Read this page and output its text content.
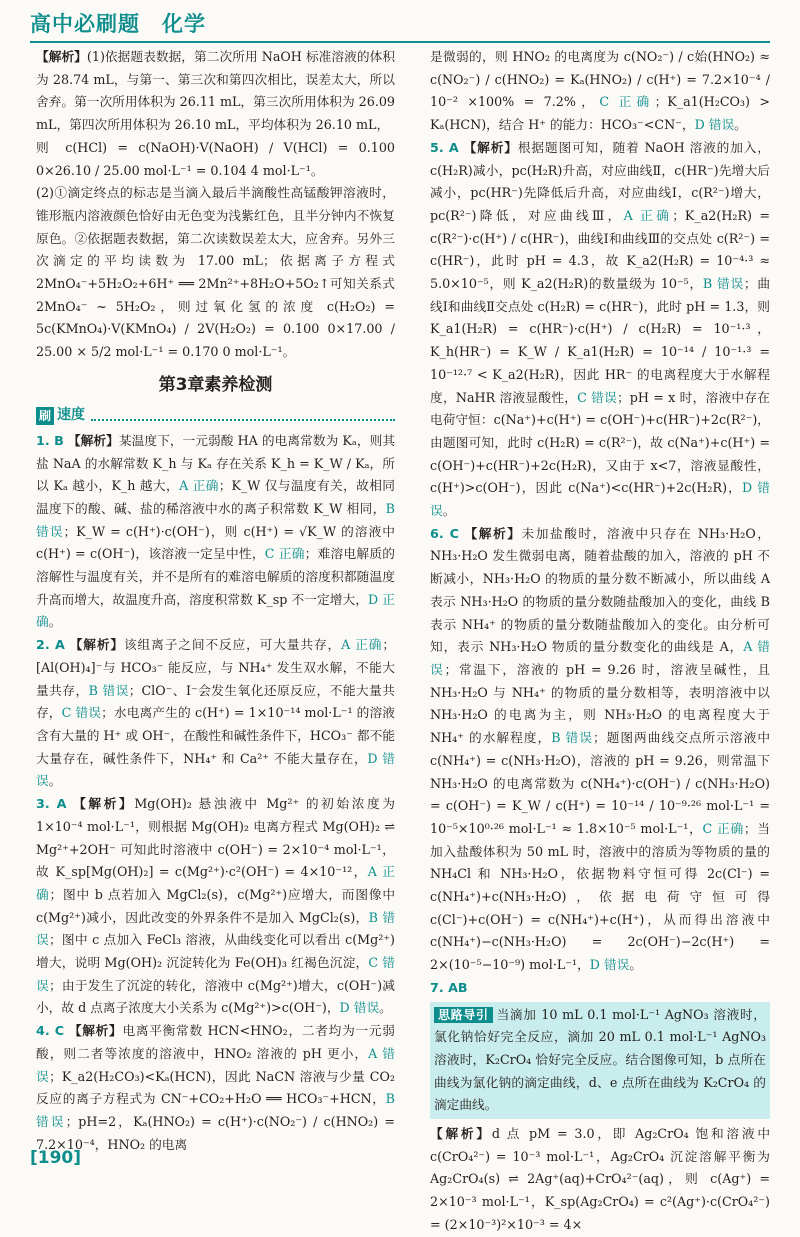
高中必刷题　化学

【解析】(1)依据题表数据，第二次所用 NaOH 标准溶液的体积为 28.74 mL，与第一、第三次和第四次相比，误差太大，所以舍弃。第一次所用体积为 26.11 mL，第三次所用体积为 26.09 mL，第四次所用体积为 26.10 mL，平均体积为 26.10 mL，

则 c(HCl) = c(NaOH)·V(NaOH) / V(HCl) = 0.100 0×26.10 / 25.00 mol·L⁻¹ = 0.104 4 mol·L⁻¹。

(2)①滴定终点的标志是当滴入最后半滴酸性高锰酸钾溶液时，锥形瓶内溶液颜色恰好由无色变为浅紫红色，且半分钟内不恢复原色。②依据题表数据，第二次读数误差太大，应舍弃。另外三次滴定的平均读数为 17.00 mL；依据离子方程式 2MnO₄⁻+5H₂O₂+6H⁺ ══ 2Mn²⁺+8H₂O+5O₂↑可知关系式 2MnO₄⁻ ~ 5H₂O₂，则过氧化氢的浓度 c(H₂O₂) = 5c(KMnO₄)·V(KMnO₄) / 2V(H₂O₂) = 0.100 0×17.00 / 25.00 × 5/2 mol·L⁻¹ = 0.170 0 mol·L⁻¹。

第3章素养检测
刷 速度

1. B 【解析】某温度下，一元弱酸 HA 的电离常数为 Kₐ，则其盐 NaA 的水解常数 K_h 与 Kₐ 存在关系 K_h = K_W / Kₐ，所以 Kₐ 越小，K_h 越大，A 正确；K_W 仅与温度有关，故相同温度下的酸、碱、盐的稀溶液中水的离子积常数 K_W 相同，B 错误；K_W = c(H⁺)·c(OH⁻)，则 c(H⁺) = √K_W 的溶液中 c(H⁺) = c(OH⁻)，该溶液一定呈中性，C 正确；难溶电解质的溶解性与温度有关，并不是所有的难溶电解质的溶度积都随温度升高而增大，故温度升高，溶度积常数 K_sp 不一定增大，D 正确。

2. A 【解析】该组离子之间不反应，可大量共存，A 正确；[Al(OH)₄]⁻与 HCO₃⁻ 能反应，与 NH₄⁺ 发生双水解，不能大量共存，B 错误；ClO⁻、I⁻会发生氧化还原反应，不能大量共存，C 错误；水电离产生的 c(H⁺) = 1×10⁻¹⁴ mol·L⁻¹ 的溶液含有大量的 H⁺ 或 OH⁻，在酸性和碱性条件下，HCO₃⁻ 都不能大量存在，碱性条件下，NH₄⁺ 和 Ca²⁺ 不能大量存在，D 错误。

3. A 【解析】Mg(OH)₂ 悬浊液中 Mg²⁺ 的初始浓度为 1×10⁻⁴ mol·L⁻¹，则根据 Mg(OH)₂ 电离方程式 Mg(OH)₂ ⇌ Mg²⁺+2OH⁻ 可知此时溶液中 c(OH⁻) = 2×10⁻⁴ mol·L⁻¹，故 K_sp[Mg(OH)₂] = c(Mg²⁺)·c²(OH⁻) = 4×10⁻¹²，A 正确；图中 b 点若加入 MgCl₂(s)，c(Mg²⁺)应增大，而图像中 c(Mg²⁺)减小，因此改变的外界条件不是加入 MgCl₂(s)，B 错误；图中 c 点加入 FeCl₃ 溶液，从曲线变化可以看出 c(Mg²⁺)增大，说明 Mg(OH)₂ 沉淀转化为 Fe(OH)₃ 红褐色沉淀，C 错误；由于发生了沉淀的转化，溶液中 c(Mg²⁺)增大，c(OH⁻)减小，故 d 点离子浓度大小关系为 c(Mg²⁺)>c(OH⁻)，D 错误。

4. C 【解析】电离平衡常数 HCN<HNO₂，二者均为一元弱酸，则二者等浓度的溶液中，HNO₂ 溶液的 pH 更小，A 错误；K_a2(H₂CO₃)<Kₐ(HCN)，因此 NaCN 溶液与少量 CO₂ 反应的离子方程式为 CN⁻+CO₂+H₂O ══ HCO₃⁻+HCN，B 错误；pH=2，Kₐ(HNO₂) = c(H⁺)·c(NO₂⁻) / c(HNO₂) = 7.2×10⁻⁴，HNO₂ 的电离

是微弱的，则 HNO₂ 的电离度为 c(NO₂⁻) / c始(HNO₂) ≈ c(NO₂⁻) / c(HNO₂) = Kₐ(HNO₂) / c(H⁺) = 7.2×10⁻⁴ / 10⁻² ×100% = 7.2%，C 正确；K_a1(H₂CO₃) > Kₐ(HCN)，结合 H⁺ 的能力：HCO₃⁻<CN⁻，D 错误。

5. A 【解析】根据题图可知，随着 NaOH 溶液的加入，c(H₂R)减小，pc(H₂R)升高，对应曲线Ⅱ，c(HR⁻)先增大后减小，pc(HR⁻)先降低后升高，对应曲线Ⅰ，c(R²⁻)增大，pc(R²⁻)降低，对应曲线Ⅲ，A 正确；K_a2(H₂R) = c(R²⁻)·c(H⁺) / c(HR⁻)，曲线Ⅰ和曲线Ⅲ的交点处 c(R²⁻) = c(HR⁻)，此时 pH = 4.3，故 K_a2(H₂R) = 10⁻⁴·³ ≈ 5.0×10⁻⁵，则 K_a2(H₂R)的数量级为 10⁻⁵，B 错误；曲线Ⅰ和曲线Ⅱ交点处 c(H₂R) = c(HR⁻)，此时 pH = 1.3，则 K_a1(H₂R) = c(HR⁻)·c(H⁺) / c(H₂R) = 10⁻¹·³，K_h(HR⁻) = K_W / K_a1(H₂R) = 10⁻¹⁴ / 10⁻¹·³ = 10⁻¹²·⁷ < K_a2(H₂R)，因此 HR⁻ 的电离程度大于水解程度，NaHR 溶液显酸性，C 错误；pH = x 时，溶液中存在电荷守恒：c(Na⁺)+c(H⁺) = c(OH⁻)+c(HR⁻)+2c(R²⁻)，由题图可知，此时 c(H₂R) = c(R²⁻)，故 c(Na⁺)+c(H⁺) = c(OH⁻)+c(HR⁻)+2c(H₂R)，又由于 x<7，溶液显酸性，c(H⁺)>c(OH⁻)，因此 c(Na⁺)<c(HR⁻)+2c(H₂R)，D 错误。

6. C 【解析】未加盐酸时，溶液中只存在 NH₃·H₂O，NH₃·H₂O 发生微弱电离，随着盐酸的加入，溶液的 pH 不断减小，NH₃·H₂O 的物质的量分数不断减小，所以曲线 A 表示 NH₃·H₂O 的物质的量分数随盐酸加入的变化，曲线 B 表示 NH₄⁺ 的物质的量分数随盐酸加入的变化。由分析可知，表示 NH₃·H₂O 物质的量分数变化的曲线是 A，A 错误；常温下，溶液的 pH = 9.26 时，溶液呈碱性，且 NH₃·H₂O 与 NH₄⁺ 的物质的量分数相等，表明溶液中以 NH₃·H₂O 的电离为主，则 NH₃·H₂O 的电离程度大于 NH₄⁺ 的水解程度，B 错误；题图两曲线交点所示溶液中 c(NH₄⁺) = c(NH₃·H₂O)，溶液的 pH = 9.26，则常温下 NH₃·H₂O 的电离常数为 c(NH₄⁺)·c(OH⁻) / c(NH₃·H₂O) = c(OH⁻) = K_W / c(H⁺) = 10⁻¹⁴ / 10⁻⁹·²⁶ mol·L⁻¹ = 10⁻⁵×10⁰·²⁶ mol·L⁻¹ ≈ 1.8×10⁻⁵ mol·L⁻¹，C 正确；当加入盐酸体积为 50 mL 时，溶液中的溶质为等物质的量的 NH₄Cl 和 NH₃·H₂O，依据物料守恒可得 2c(Cl⁻) = c(NH₄⁺)+c(NH₃·H₂O)，依据电荷守恒可得 c(Cl⁻)+c(OH⁻) = c(NH₄⁺)+c(H⁺)，从而得出溶液中 c(NH₄⁺)−c(NH₃·H₂O) = 2c(OH⁻)−2c(H⁺) = 2×(10⁻⁵−10⁻⁹) mol·L⁻¹，D 错误。

7. AB

思路导引 当滴加 10 mL 0.1 mol·L⁻¹ AgNO₃ 溶液时，氯化钠恰好完全反应，滴加 20 mL 0.1 mol·L⁻¹ AgNO₃ 溶液时，K₂CrO₄ 恰好完全反应。结合图像可知，b 点所在曲线为氯化钠的滴定曲线，d、e 点所在曲线为 K₂CrO₄ 的滴定曲线。

【解析】d 点 pM = 3.0，即 Ag₂CrO₄ 饱和溶液中 c(CrO₄²⁻) = 10⁻³ mol·L⁻¹，Ag₂CrO₄ 沉淀溶解平衡为 Ag₂CrO₄(s) ⇌ 2Ag⁺(aq)+CrO₄²⁻(aq)，则 c(Ag⁺) = 2×10⁻³ mol·L⁻¹，K_sp(Ag₂CrO₄) = c²(Ag⁺)·c(CrO₄²⁻) = (2×10⁻³)²×10⁻³ = 4×

[190]
